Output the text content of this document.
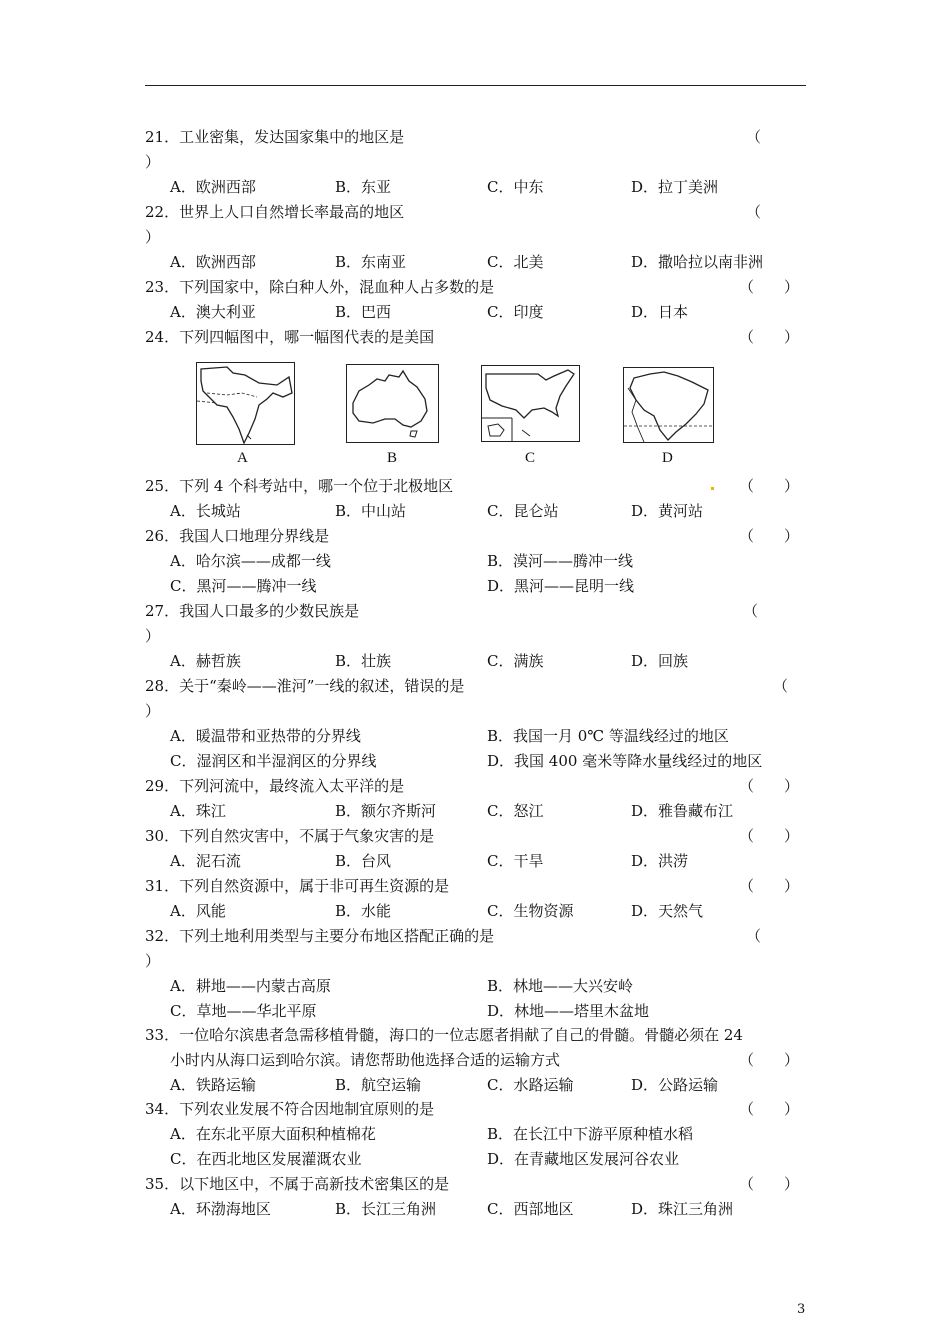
21．工业密集，发达国家集中的地区是	（
）
A．欧洲西部	B．东亚	C．中东	D．拉丁美洲
22．世界上人口自然增长率最高的地区	（
）
A．欧洲西部	B．东南亚	C．北美	D．撒哈拉以南非洲
23．下列国家中，除白种人外，混血种人占多数的是	（　　）
A．澳大利亚	B．巴西	C．印度	D．日本
24．下列四幅图中，哪一幅图代表的是美国	（　　）
A	B	C	D
25．下列 4 个科考站中，哪一个位于北极地区	（　　）
A．长城站	B．中山站	C．昆仑站	D．黄河站
26．我国人口地理分界线是	（　　）
A．哈尔滨——成都一线	B．漠河——腾冲一线
C．黑河——腾冲一线	D．黑河——昆明一线
27．我国人口最多的少数民族是	（
）
A．赫哲族	B．壮族	C．满族	D．回族
28．关于“秦岭——淮河”一线的叙述，错误的是	（
）
A．暖温带和亚热带的分界线	B．我国一月 0℃ 等温线经过的地区
C．湿润区和半湿润区的分界线	D．我国 400 毫米等降水量线经过的地区
29．下列河流中，最终流入太平洋的是	（　　）
A．珠江	B．额尔齐斯河	C．怒江	D．雅鲁藏布江
30．下列自然灾害中，不属于气象灾害的是	（　　）
A．泥石流	B．台风	C．干旱	D．洪涝
31．下列自然资源中，属于非可再生资源的是	（　　）
A．风能	B．水能	C．生物资源	D．天然气
32．下列土地利用类型与主要分布地区搭配正确的是	（
）
A．耕地——内蒙古高原	B．林地——大兴安岭
C．草地——华北平原	D．林地——塔里木盆地
33．一位哈尔滨患者急需移植骨髓，海口的一位志愿者捐献了自己的骨髓。骨髓必须在 24
小时内从海口运到哈尔滨。请您帮助他选择合适的运输方式	（　　）
A．铁路运输	B．航空运输	C．水路运输	D．公路运输
34．下列农业发展不符合因地制宜原则的是	（　　）
A．在东北平原大面积种植棉花	B．在长江中下游平原种植水稻
C．在西北地区发展灌溉农业	D．在青藏地区发展河谷农业
35．以下地区中，不属于高新技术密集区的是	（　　）
A．环渤海地区	B．长江三角洲	C．西部地区	D．珠江三角洲
3
